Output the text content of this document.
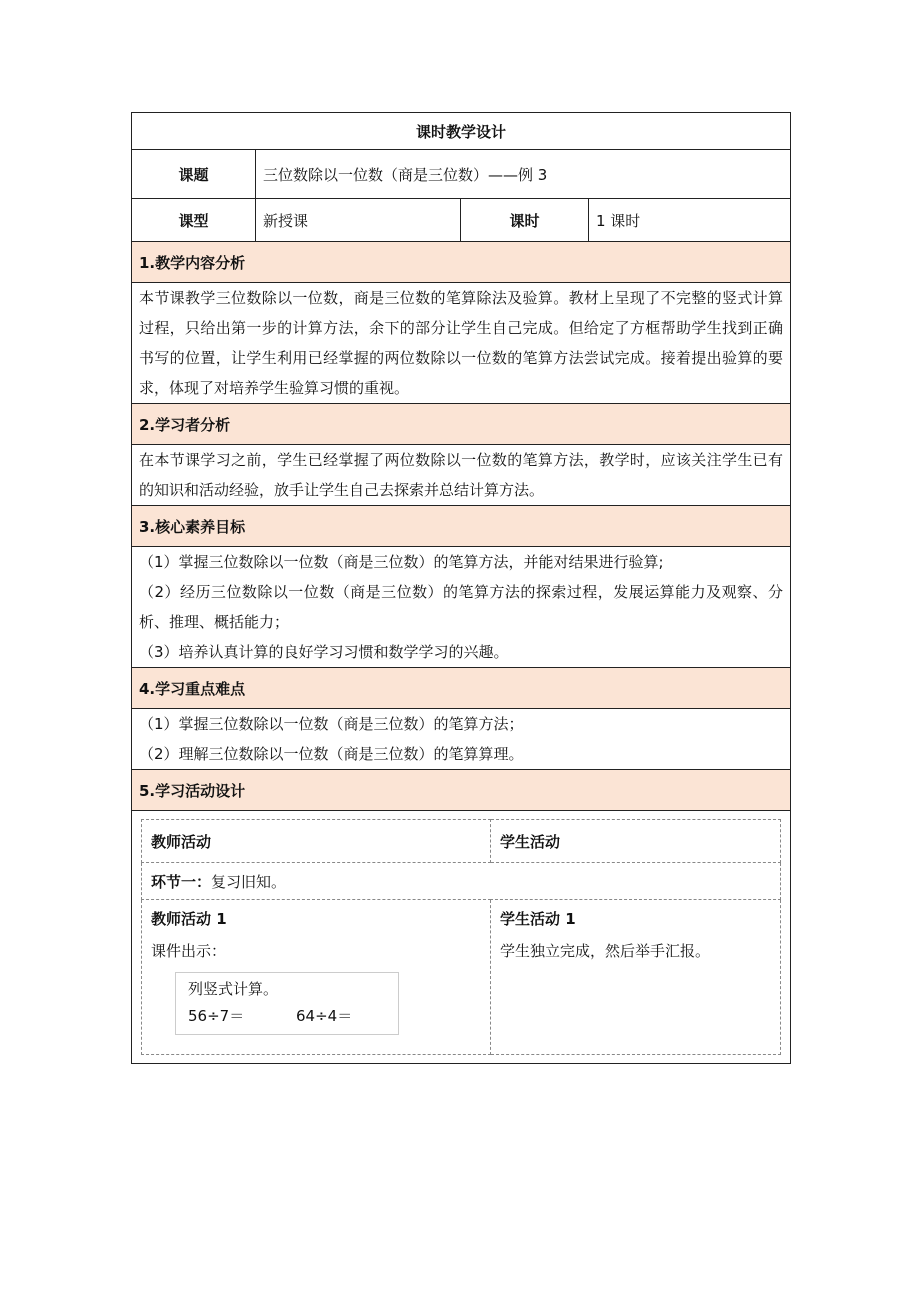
课时教学设计
课题	三位数除以一位数（商是三位数）——例 3
课型	新授课	课时	1 课时
1.教学内容分析

本节课教学三位数除以一位数，商是三位数的笔算除法及验算。教材上呈现了不完整的竖式计算过程，只给出第一步的计算方法，余下的部分让学生自己完成。但给定了方框帮助学生找到正确书写的位置，让学生利用已经掌握的两位数除以一位数的笔算方法尝试完成。接着提出验算的要求，体现了对培养学生验算习惯的重视。

2.学习者分析

在本节课学习之前，学生已经掌握了两位数除以一位数的笔算方法，教学时，应该关注学生已有的知识和活动经验，放手让学生自己去探索并总结计算方法。

3.核心素养目标

（1）掌握三位数除以一位数（商是三位数）的笔算方法，并能对结果进行验算;

（2）经历三位数除以一位数（商是三位数）的笔算方法的探索过程，发展运算能力及观察、分析、推理、概括能力；

（3）培养认真计算的良好学习习惯和数学学习的兴趣。

4.学习重点难点

（1）掌握三位数除以一位数（商是三位数）的笔算方法；

（2）理解三位数除以一位数（商是三位数）的笔算算理。

5.学习活动设计

教师活动	学生活动
环节一：复习旧知。

教师活动 1
课件出示：
列竖式计算。
56÷7＝	64÷4＝

学生活动 1
学生独立完成，然后举手汇报。
